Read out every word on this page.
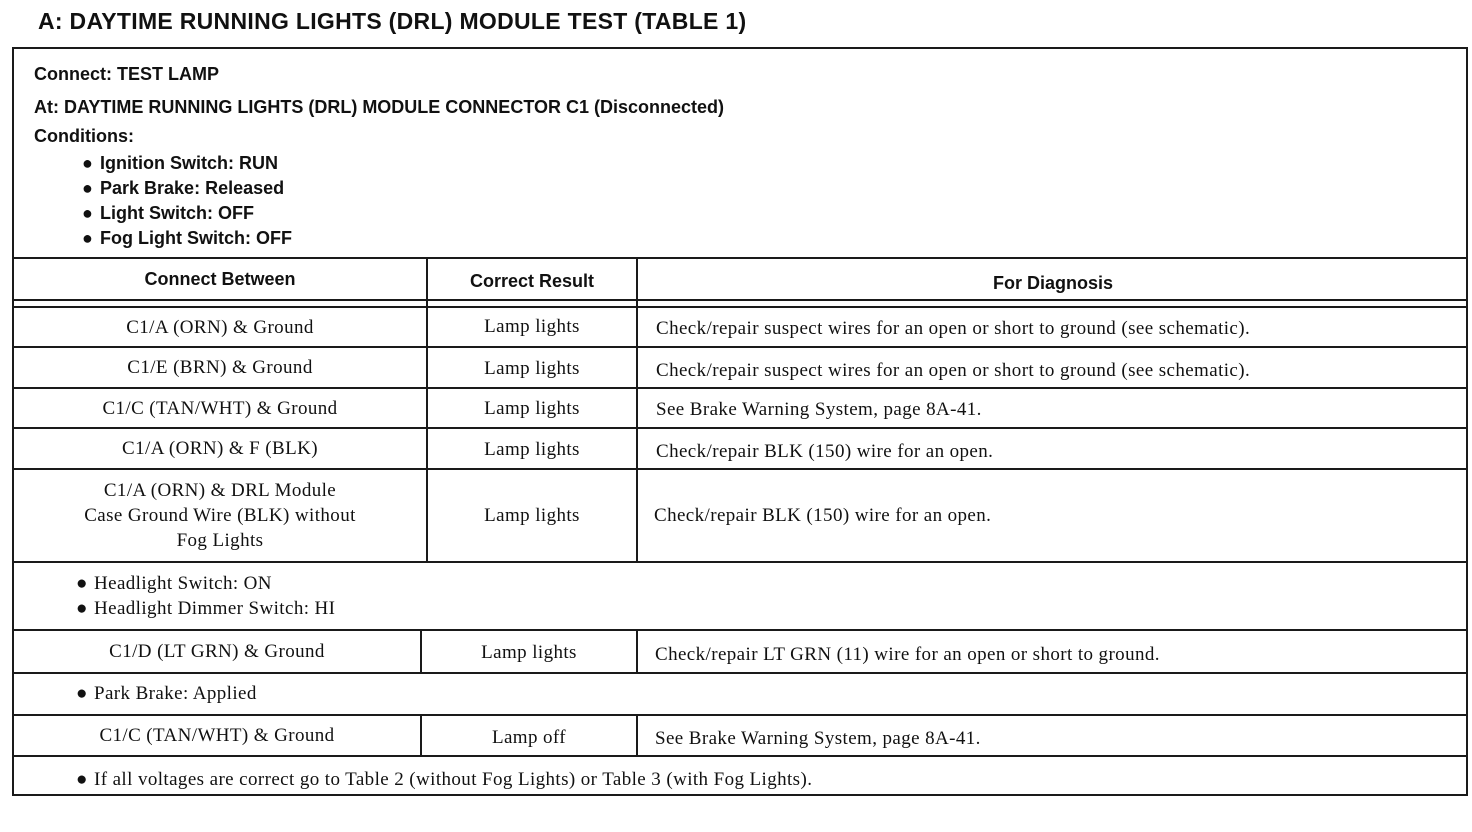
A: DAYTIME RUNNING LIGHTS (DRL) MODULE TEST (TABLE 1)
Connect: TEST LAMP
At: DAYTIME RUNNING LIGHTS (DRL) MODULE CONNECTOR C1 (Disconnected)
Conditions:
● Ignition Switch: RUN
● Park Brake: Released
● Light Switch: OFF
● Fog Light Switch: OFF
Connect Between	Correct Result	For Diagnosis
C1/A (ORN) & Ground	Lamp lights	Check/repair suspect wires for an open or short to ground (see schematic).
C1/E (BRN) & Ground	Lamp lights	Check/repair suspect wires for an open or short to ground (see schematic).
C1/C (TAN/WHT) & Ground	Lamp lights	See Brake Warning System, page 8A-41.
C1/A (ORN) & F (BLK)	Lamp lights	Check/repair BLK (150) wire for an open.
C1/A (ORN) & DRL Module
Case Ground Wire (BLK) without
Fog Lights
Lamp lights	Check/repair BLK (150) wire for an open.
● Headlight Switch: ON
● Headlight Dimmer Switch: HI
C1/D (LT GRN) & Ground	Lamp lights	Check/repair LT GRN (11) wire for an open or short to ground.
● Park Brake: Applied
C1/C (TAN/WHT) & Ground	Lamp off	See Brake Warning System, page 8A-41.
● If all voltages are correct go to Table 2 (without Fog Lights) or Table 3 (with Fog Lights).
